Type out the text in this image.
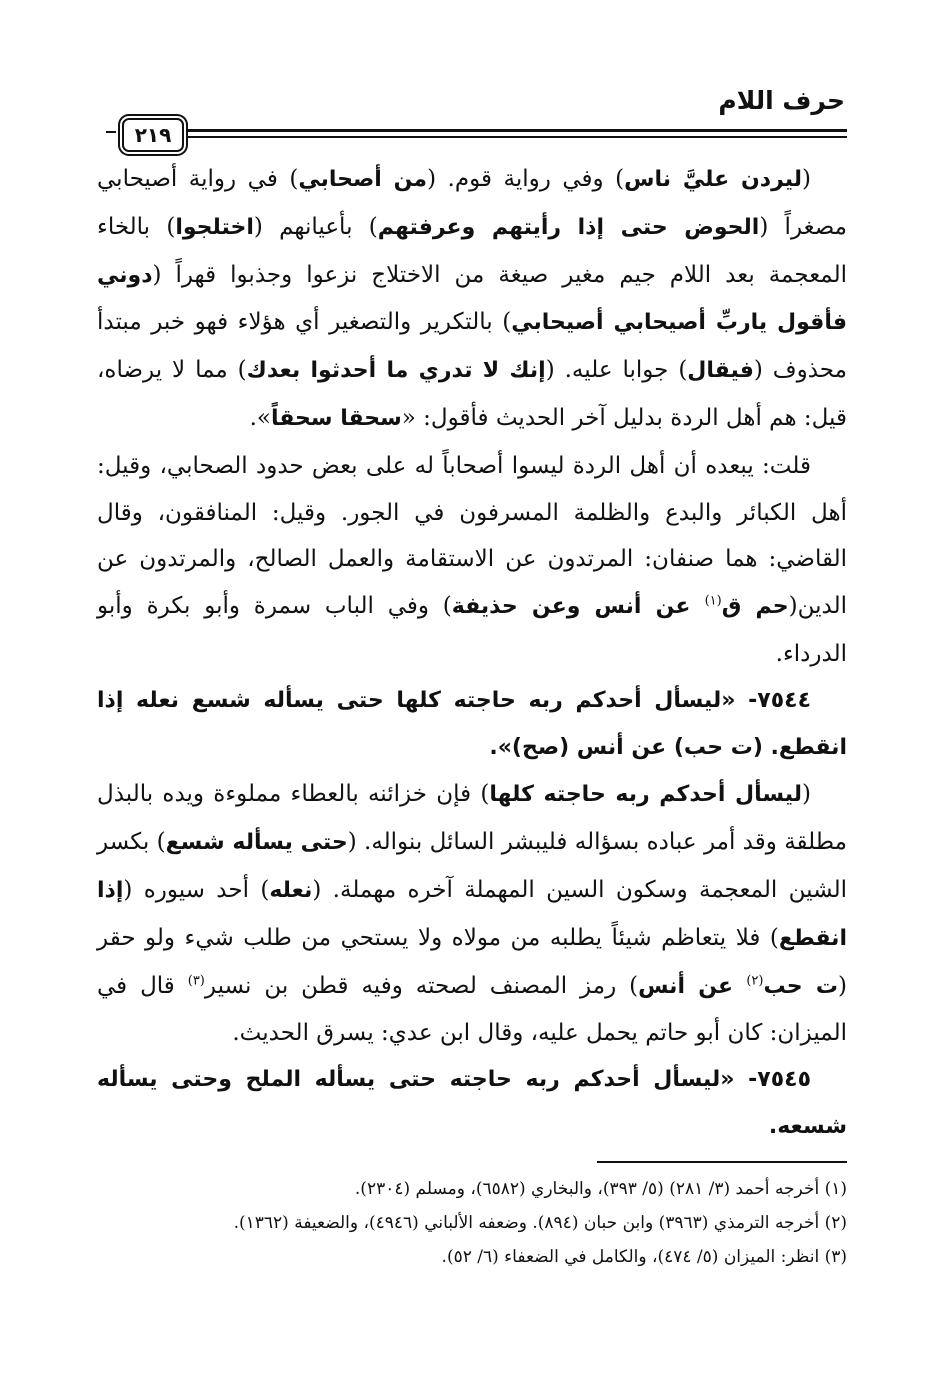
حرف اللام
٢١٩

(ليردن عليَّ ناس) وفي رواية قوم. (من أصحابي) في رواية أصيحابي مصغراً (الحوض حتى إذا رأيتهم وعرفتهم) بأعيانهم (اختلجوا) بالخاء المعجمة بعد اللام جيم مغير صيغة من الاختلاج نزعوا وجذبوا قهراً (دوني فأقول ياربِّ أصيحابي أصيحابي) بالتكرير والتصغير أي هؤلاء فهو خبر مبتدأ محذوف (فيقال) جوابا عليه. (إنك لا تدري ما أحدثوا بعدك) مما لا يرضاه، قيل: هم أهل الردة بدليل آخر الحديث فأقول: «سحقا سحقاً».

قلت: يبعده أن أهل الردة ليسوا أصحاباً له على بعض حدود الصحابي، وقيل: أهل الكبائر والبدع والظلمة المسرفون في الجور. وقيل: المنافقون، وقال القاضي: هما صنفان: المرتدون عن الاستقامة والعمل الصالح، والمرتدون عن الدين(حم ق$^{(١)}$ عن أنس وعن حذيفة) وفي الباب سمرة وأبو بكرة وأبو الدرداء.

٧٥٤٤- «ليسأل أحدكم ربه حاجته كلها حتى يسأله شسع نعله إذا انقطع. (ت حب) عن أنس (صح)».

(ليسأل أحدكم ربه حاجته كلها) فإن خزائنه بالعطاء مملوءة ويده بالبذل مطلقة وقد أمر عباده بسؤاله فليبشر السائل بنواله. (حتى يسأله شسع) بكسر الشين المعجمة وسكون السين المهملة آخره مهملة. (نعله) أحد سيوره (إذا انقطع) فلا يتعاظم شيئاً يطلبه من مولاه ولا يستحي من طلب شيء ولو حقر (ت حب$^{(٢)}$ عن أنس) رمز المصنف لصحته وفيه قطن بن نسير$^{(٣)}$ قال في الميزان: كان أبو حاتم يحمل عليه، وقال ابن عدي: يسرق الحديث.

٧٥٤٥- «ليسأل أحدكم ربه حاجته حتى يسأله الملح وحتى يسأله شسعه.

(١) أخرجه أحمد (٣/ ٢٨١) (٥/ ٣٩٣)، والبخاري (٦٥٨٢)، ومسلم (٢٣٠٤).

(٢) أخرجه الترمذي (٣٩٦٣) وابن حبان (٨٩٤). وضعفه الألباني (٤٩٤٦)، والضعيفة (١٣٦٢).

(٣) انظر: الميزان (٥/ ٤٧٤)، والكامل في الضعفاء (٦/ ٥٢).
